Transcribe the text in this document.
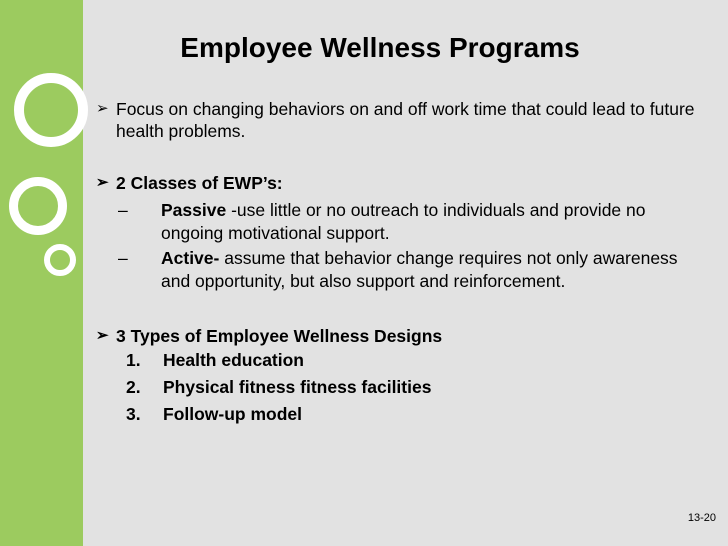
Employee Wellness Programs
➢ Focus on changing behaviors on and off work time that could lead to future health problems.
➢ 2 Classes of EWP’s:
– Passive -use little or no outreach to individuals and provide no ongoing motivational support.
– Active- assume that behavior change requires not only awareness and opportunity, but also support and reinforcement.
➢ 3 Types of Employee Wellness Designs
1. Health education
2. Physical fitness fitness facilities
3. Follow-up model
13-20
